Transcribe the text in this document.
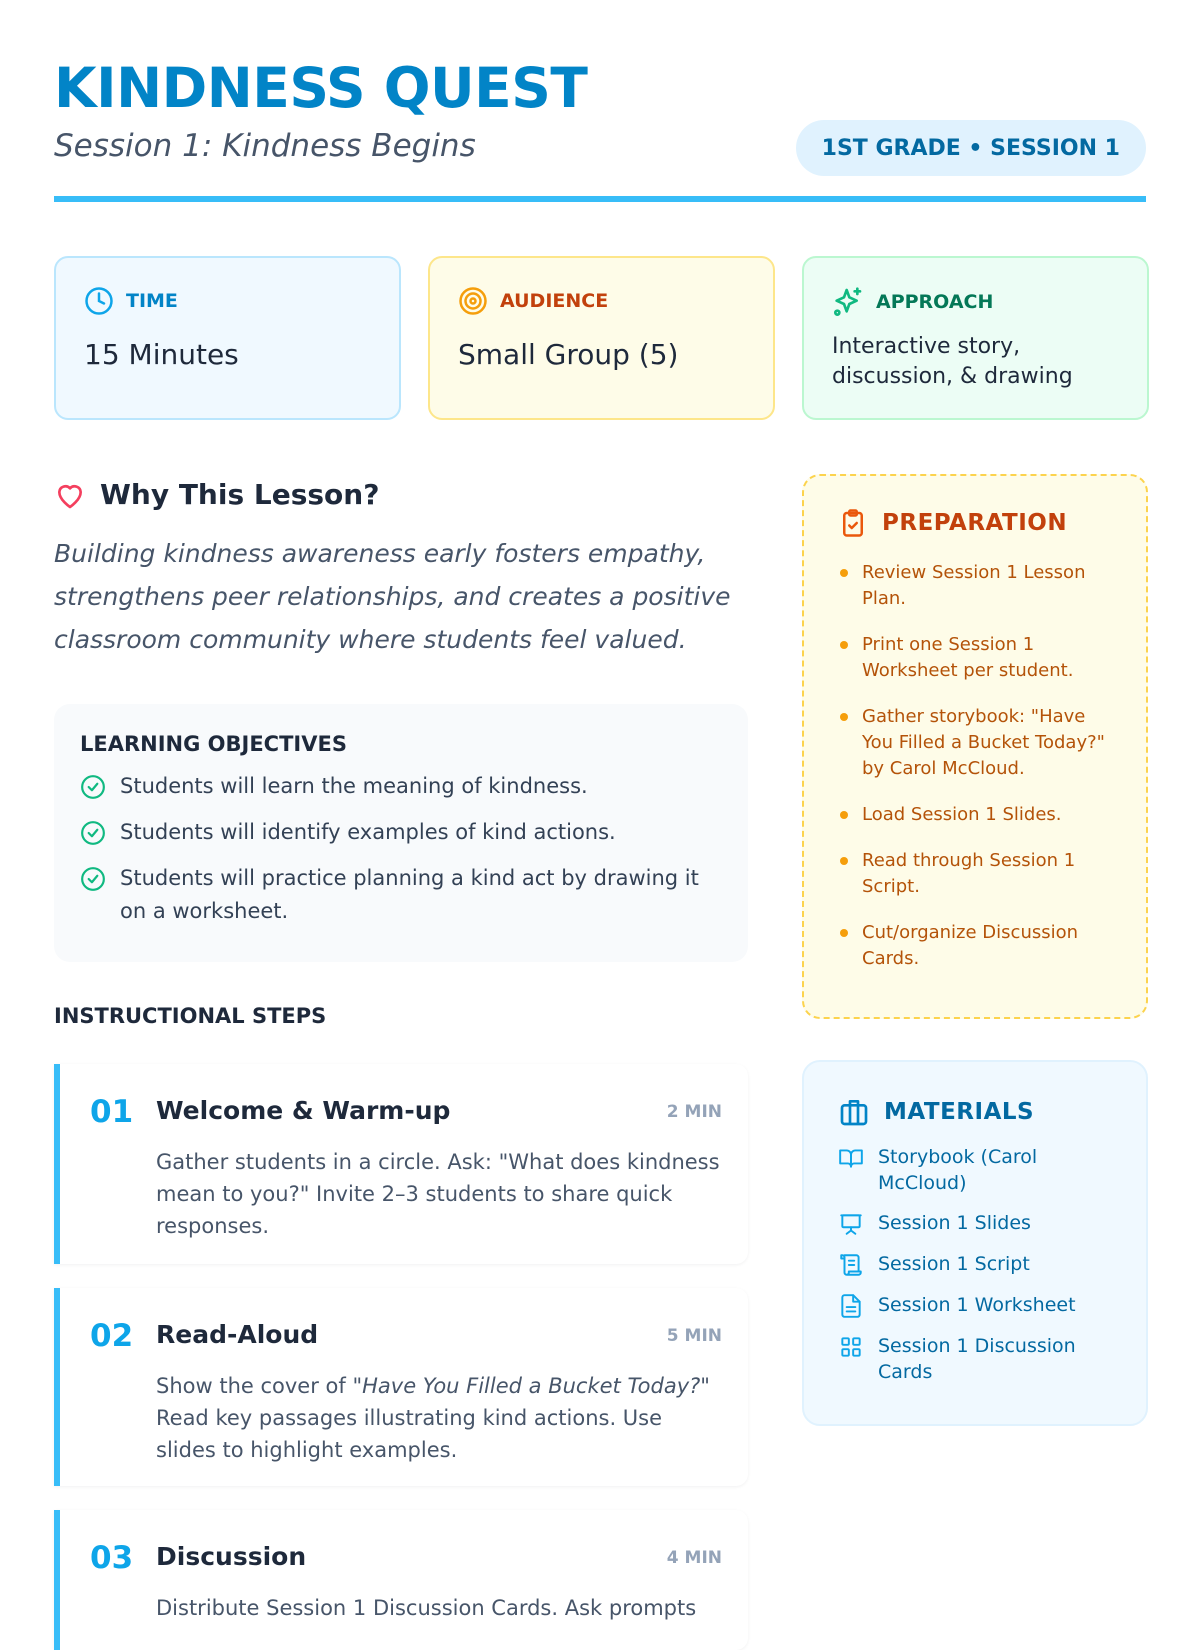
KINDNESS QUEST
Session 1: Kindness Begins	1ST GRADE • SESSION 1
TIME
15 Minutes
AUDIENCE
Small Group (5)
APPROACH
Interactive story, discussion, & drawing
Why This Lesson?
Building kindness awareness early fosters empathy, strengthens peer relationships, and creates a positive classroom community where students feel valued.
LEARNING OBJECTIVES
Students will learn the meaning of kindness.
Students will identify examples of kind actions.
Students will practice planning a kind act by drawing it on a worksheet.
INSTRUCTIONAL STEPS
01 Welcome & Warm-up	2 MIN
Gather students in a circle. Ask: "What does kindness mean to you?" Invite 2–3 students to share quick responses.
02 Read-Aloud	5 MIN
Show the cover of "Have You Filled a Bucket Today?" Read key passages illustrating kind actions. Use slides to highlight examples.
03 Discussion	4 MIN
Distribute Session 1 Discussion Cards. Ask prompts
PREPARATION
Review Session 1 Lesson Plan.
Print one Session 1 Worksheet per student.
Gather storybook: "Have You Filled a Bucket Today?" by Carol McCloud.
Load Session 1 Slides.
Read through Session 1 Script.
Cut/organize Discussion Cards.
MATERIALS
Storybook (Carol McCloud)
Session 1 Slides
Session 1 Script
Session 1 Worksheet
Session 1 Discussion Cards
